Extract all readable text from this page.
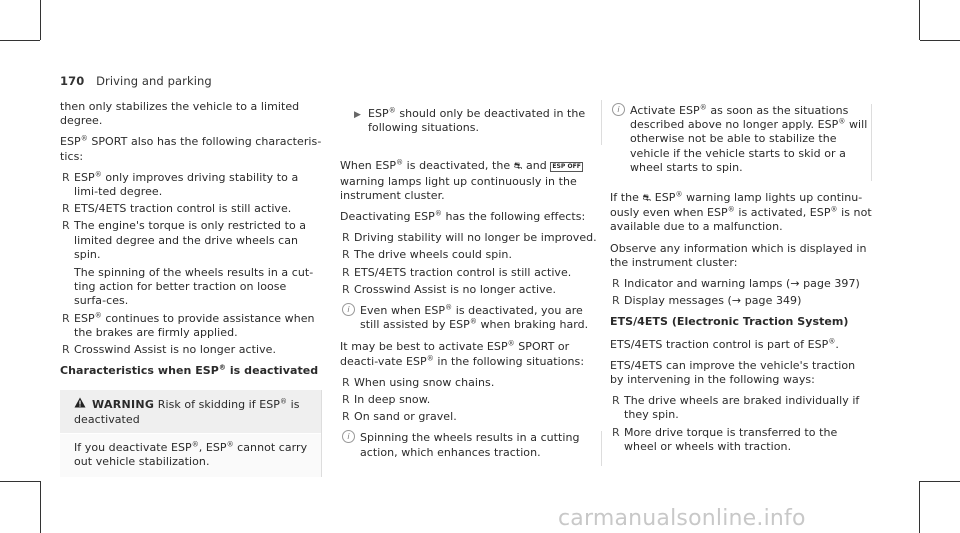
170 Driving and parking

then only stabilizes the vehicle to a limited degree.

ESP® SPORT also has the following characteris-tics:

R ESP® only improves driving stability to a limi-ted degree.
R ETS/4ETS traction control is still active.
R The engine's torque is only restricted to a limited degree and the drive wheels can spin.

The spinning of the wheels results in a cut-ting action for better traction on loose surfa-ces.

R ESP® continues to provide assistance when the brakes are firmly applied.
R Crosswind Assist is no longer active.
Characteristics when ESP® is deactivated
WARNING Risk of skidding if ESP® is deactivated
If you deactivate ESP®, ESP® cannot carry out vehicle stabilization.
▶ ESP® should only be deactivated in the following situations.

When ESP® is deactivated, the ⛐ and ESP OFF warning lamps light up continuously in the instrument cluster.

Deactivating ESP® has the following effects:

R Driving stability will no longer be improved.
R The drive wheels could spin.
R ETS/4ETS traction control is still active.
R Crosswind Assist is no longer active.
i Even when ESP® is deactivated, you are still assisted by ESP® when braking hard.

It may be best to activate ESP® SPORT or deacti-vate ESP® in the following situations:

R When using snow chains.
R In deep snow.
R On sand or gravel.
i Spinning the wheels results in a cutting action, which enhances traction.
i Activate ESP® as soon as the situations described above no longer apply. ESP® will otherwise not be able to stabilize the vehicle if the vehicle starts to skid or a wheel starts to spin.

If the ⛐ ESP® warning lamp lights up continu-ously even when ESP® is activated, ESP® is not available due to a malfunction.

Observe any information which is displayed in the instrument cluster:

R Indicator and warning lamps (→ page 397)
R Display messages (→ page 349)
ETS/4ETS (Electronic Traction System)

ETS/4ETS traction control is part of ESP®.

ETS/4ETS can improve the vehicle's traction by intervening in the following ways:

R The drive wheels are braked individually if they spin.
R More drive torque is transferred to the wheel or wheels with traction.
carmanualsonline.info
